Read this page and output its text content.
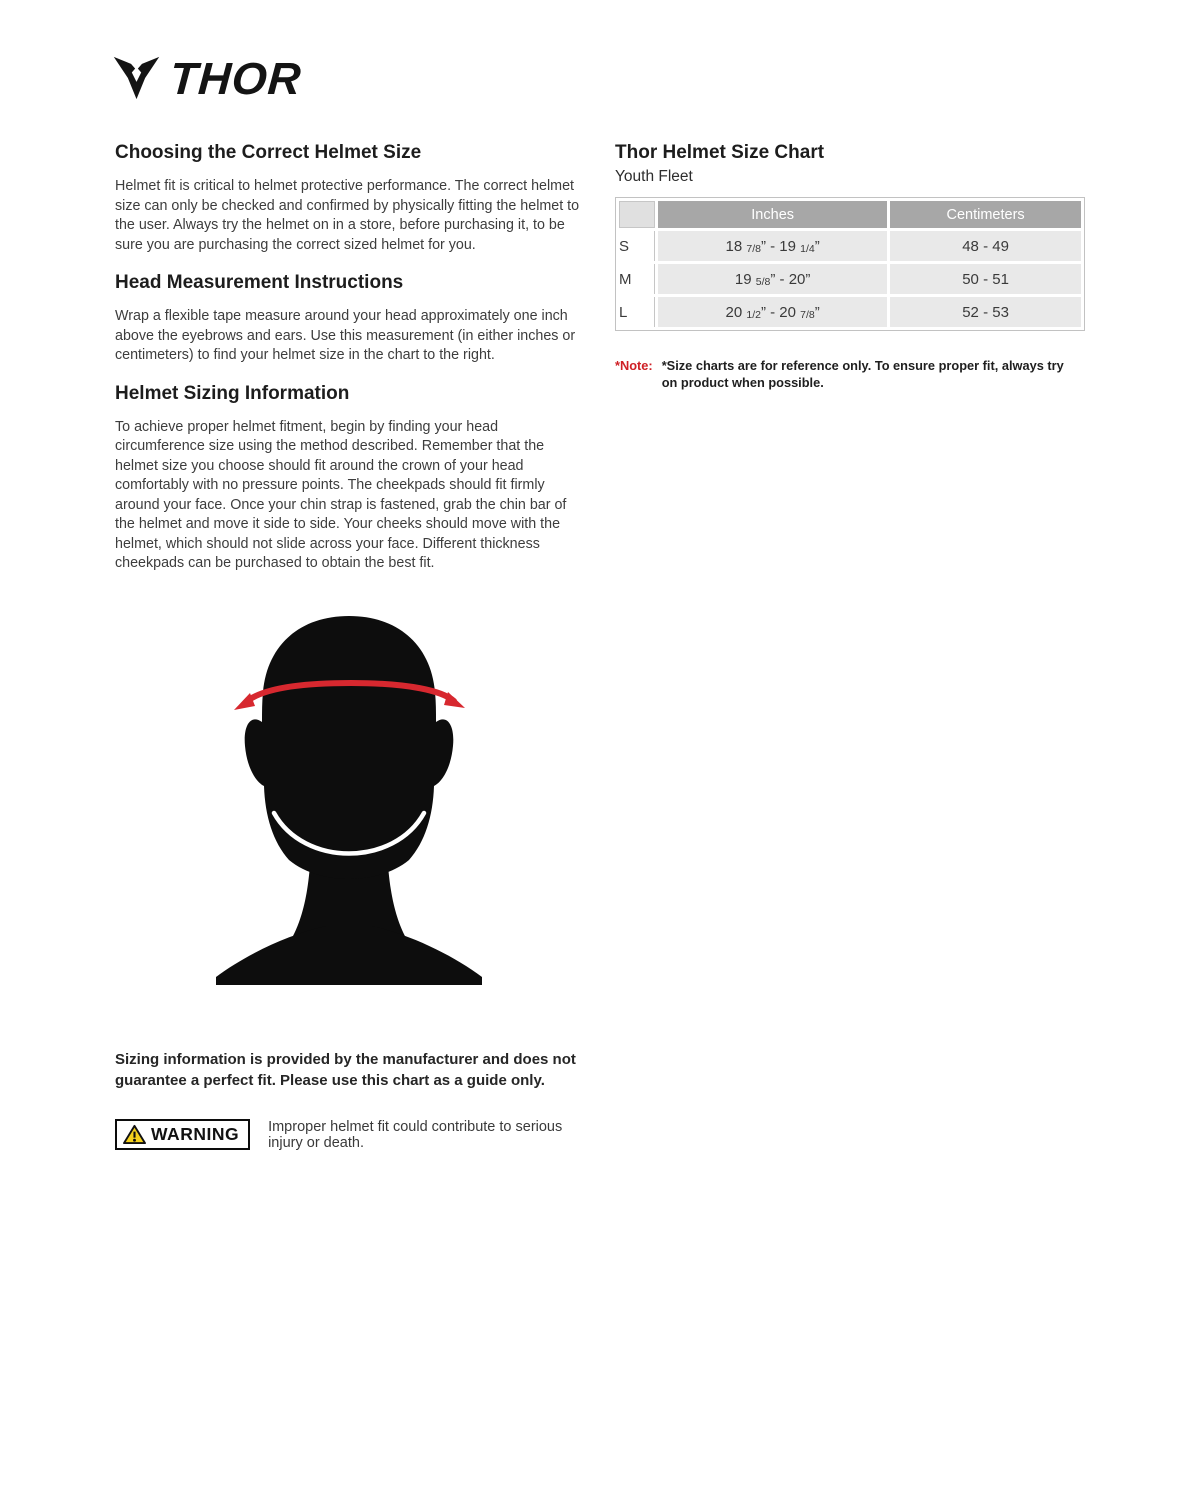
THOR
Choosing the Correct Helmet Size

Helmet fit is critical to helmet protective performance. The correct helmet size can only be checked and confirmed by physically fitting the helmet to the user. Always try the helmet on in a store, before purchasing it, to be sure you are purchasing the correct sized helmet for you.

Head Measurement Instructions

Wrap a flexible tape measure around your head approximately one inch above the eyebrows and ears. Use this measurement (in either inches or centimeters) to find your helmet size in the chart to the right.

Helmet Sizing Information

To achieve proper helmet fitment, begin by finding your head circumference size using the method described. Remember that the helmet size you choose should fit around the crown of your head comfortably with no pressure points. The cheekpads should fit firmly around your face. Once your chin strap is fastened, grab the chin bar of the helmet and move it side to side. Your cheeks should move with the helmet, which should not slide across your face. Different thickness cheekpads can be purchased to obtain the best fit.

Sizing information is provided by the manufacturer and does not guarantee a perfect fit. Please use this chart as a guide only.

WARNING Improper helmet fit could contribute to serious injury or death.
Thor Helmet Size Chart
Youth Fleet
	Inches	Centimeters
S	18 7/8” - 19 1/4”	48 - 49
M	19 5/8” - 20”	50 - 51
L	20 1/2” - 20 7/8”	52 - 53
*Note: *Size charts are for reference only. To ensure proper fit, always try on product when possible.
